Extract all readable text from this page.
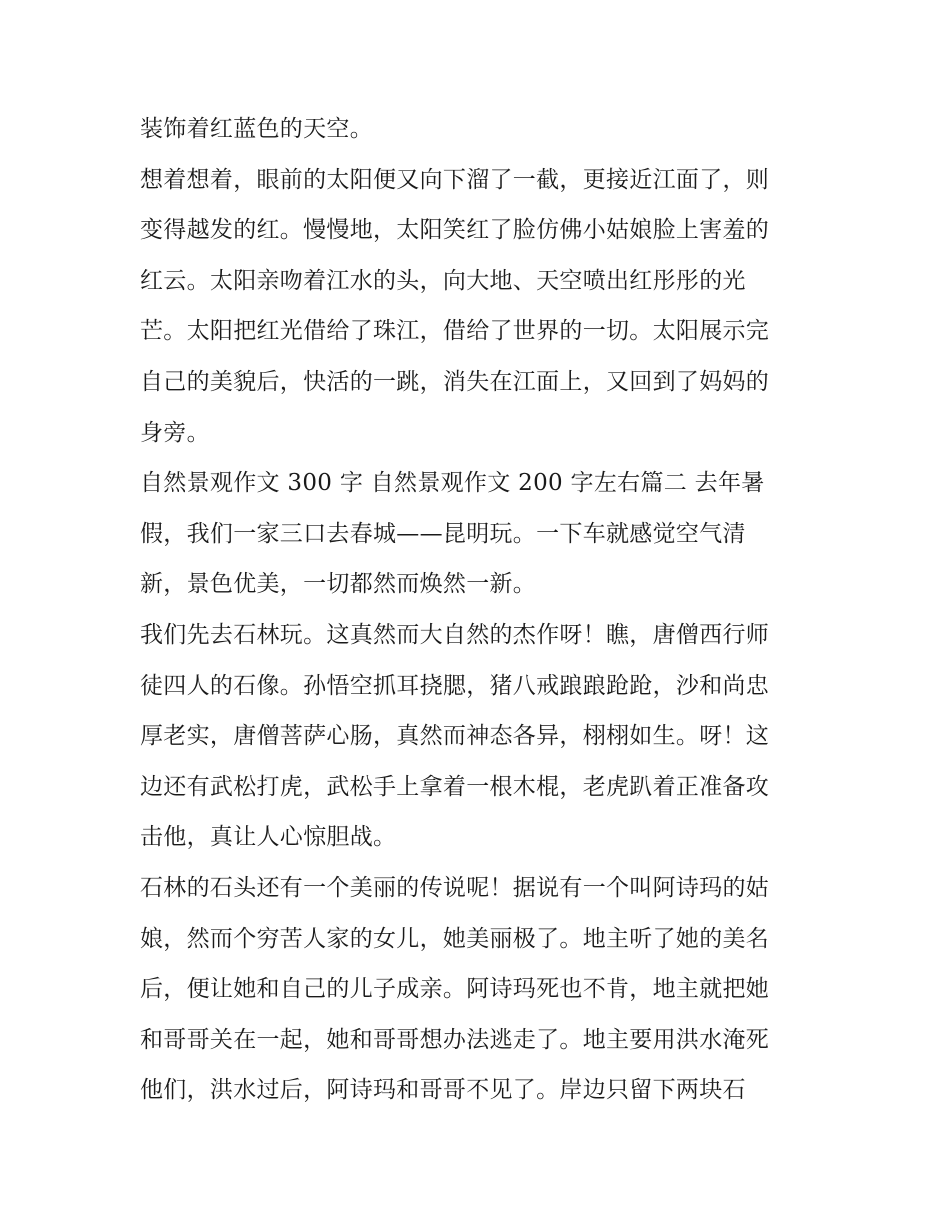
装饰着红蓝色的天空。
想着想着，眼前的太阳便又向下溜了一截，更接近江面了，则
变得越发的红。慢慢地，太阳笑红了脸仿佛小姑娘脸上害羞的
红云。太阳亲吻着江水的头，向大地、天空喷出红彤彤的光
芒。太阳把红光借给了珠江，借给了世界的一切。太阳展示完
自己的美貌后，快活的一跳，消失在江面上，又回到了妈妈的
身旁。
自然景观作文 300 字 自然景观作文 200 字左右篇二 去年暑
假，我们一家三口去春城——昆明玩。一下车就感觉空气清
新，景色优美，一切都然而焕然一新。
我们先去石林玩。这真然而大自然的杰作呀！瞧，唐僧西行师
徒四人的石像。孙悟空抓耳挠腮，猪八戒踉踉跄跄，沙和尚忠
厚老实，唐僧菩萨心肠，真然而神态各异，栩栩如生。呀！这
边还有武松打虎，武松手上拿着一根木棍，老虎趴着正准备攻
击他，真让人心惊胆战。
石林的石头还有一个美丽的传说呢！据说有一个叫阿诗玛的姑
娘，然而个穷苦人家的女儿，她美丽极了。地主听了她的美名
后，便让她和自己的儿子成亲。阿诗玛死也不肯，地主就把她
和哥哥关在一起，她和哥哥想办法逃走了。地主要用洪水淹死
他们，洪水过后，阿诗玛和哥哥不见了。岸边只留下两块石
